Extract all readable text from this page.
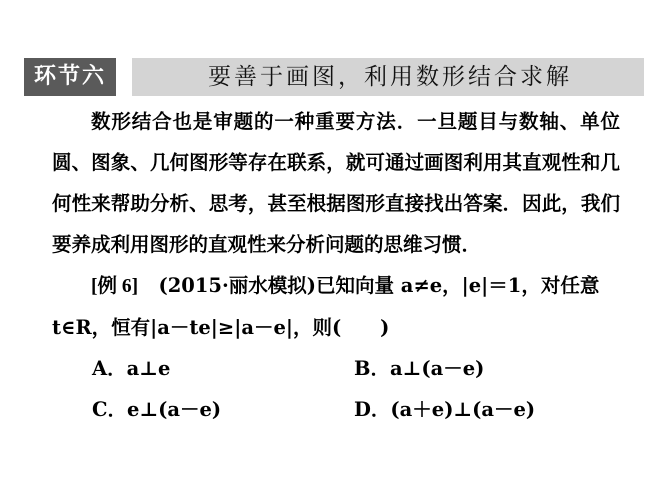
环节六	要善于画图，利用数形结合求解

数形结合也是审题的一种重要方法．一旦题目与数轴、单位圆、图象、几何图形等存在联系，就可通过画图利用其直观性和几何性来帮助分析、思考，甚至根据图形直接找出答案．因此，我们要养成利用图形的直观性来分析问题的思维习惯．

[例 6] (2015·丽水模拟)已知向量 a≠e，|e|＝1，对任意 t∈R，恒有|a－te|≥|a－e|，则(　　)

A．a⊥e	B．a⊥(a－e)
C．e⊥(a－e)	D．(a＋e)⊥(a－e)
